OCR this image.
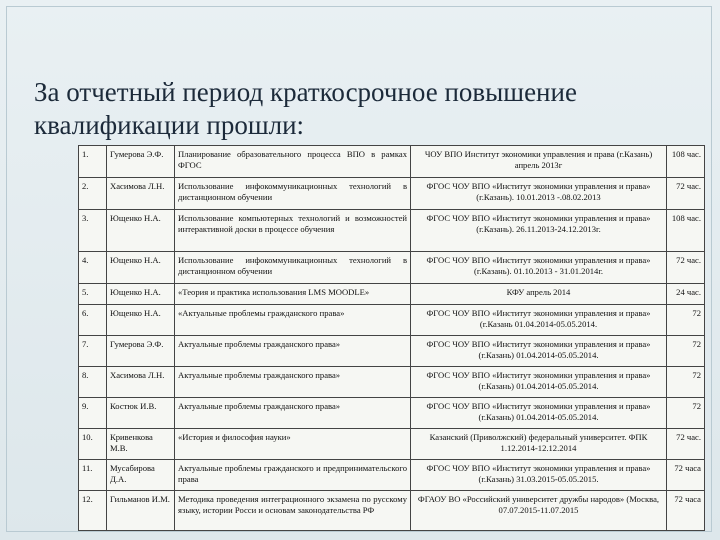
За отчетный период краткосрочное повышение квалификации прошли:
1.	Гумерова Э.Ф.	Планирование образовательного процесса ВПО в рамках ФГОС	ЧОУ ВПО Институт экономики управления и права (г.Казань) апрель 2013г	108 час.
2.	Хасимова Л.Н.	Использование инфокоммуникационных технологий в дистанционном обучении	ФГОС ЧОУ ВПО «Институт экономики управления и права» (г.Казань). 10.01.2013 -.08.02.2013	72 час.
3.	Ющенко Н.А.	Использование компьютерных технологий и возможностей интерактивной доски в процессе обучения	ФГОС ЧОУ ВПО «Институт экономики управления и права» (г.Казань). 26.11.2013-24.12.2013г.	108 час.
4.	Ющенко Н.А.	Использование инфокоммуникационных технологий в дистанционном обучении	ФГОС ЧОУ ВПО «Институт экономики управления и права» (г.Казань). 01.10.2013 - 31.01.2014г.	72 час.
5.	Ющенко Н.А.	«Теория и практика использования LMS MOODLE»	КФУ апрель 2014	24 час.
6.	Ющенко Н.А.	«Актуальные проблемы гражданского права»	ФГОС ЧОУ ВПО «Институт экономики управления и права» (г.Казань 01.04.2014-05.05.2014.	72
7.	Гумерова Э.Ф.	Актуальные проблемы гражданского права»	ФГОС ЧОУ ВПО «Институт экономики управления и права» (г.Казань) 01.04.2014-05.05.2014.	72
8.	Хасимова Л.Н.	Актуальные проблемы гражданского права»	ФГОС ЧОУ ВПО «Институт экономики управления и права» (г.Казань) 01.04.2014-05.05.2014.	72
9.	Костюк И.В.	Актуальные проблемы гражданского права»	ФГОС ЧОУ ВПО «Институт экономики управления и права» (г.Казань) 01.04.2014-05.05.2014.	72
10.	Кривенкова М.В.	«История и философия науки»	Казанский (Приволжский) федеральный университет. ФПК 1.12.2014-12.12.2014	72 час.
11.	Мусабирова Д.А.	Актуальные проблемы гражданского и предпринимательского права	ФГОС ЧОУ ВПО «Институт экономики управления и права» (г.Казань) 31.03.2015-05.05.2015.	72 часа
12.	Гильманов И.М.	Методика проведения интеграционного экзамена по русскому языку, истории Росси и основам законодательства РФ	ФГАОУ ВО «Российский университет дружбы народов» (Москва, 07.07.2015-11.07.2015	72 часа
